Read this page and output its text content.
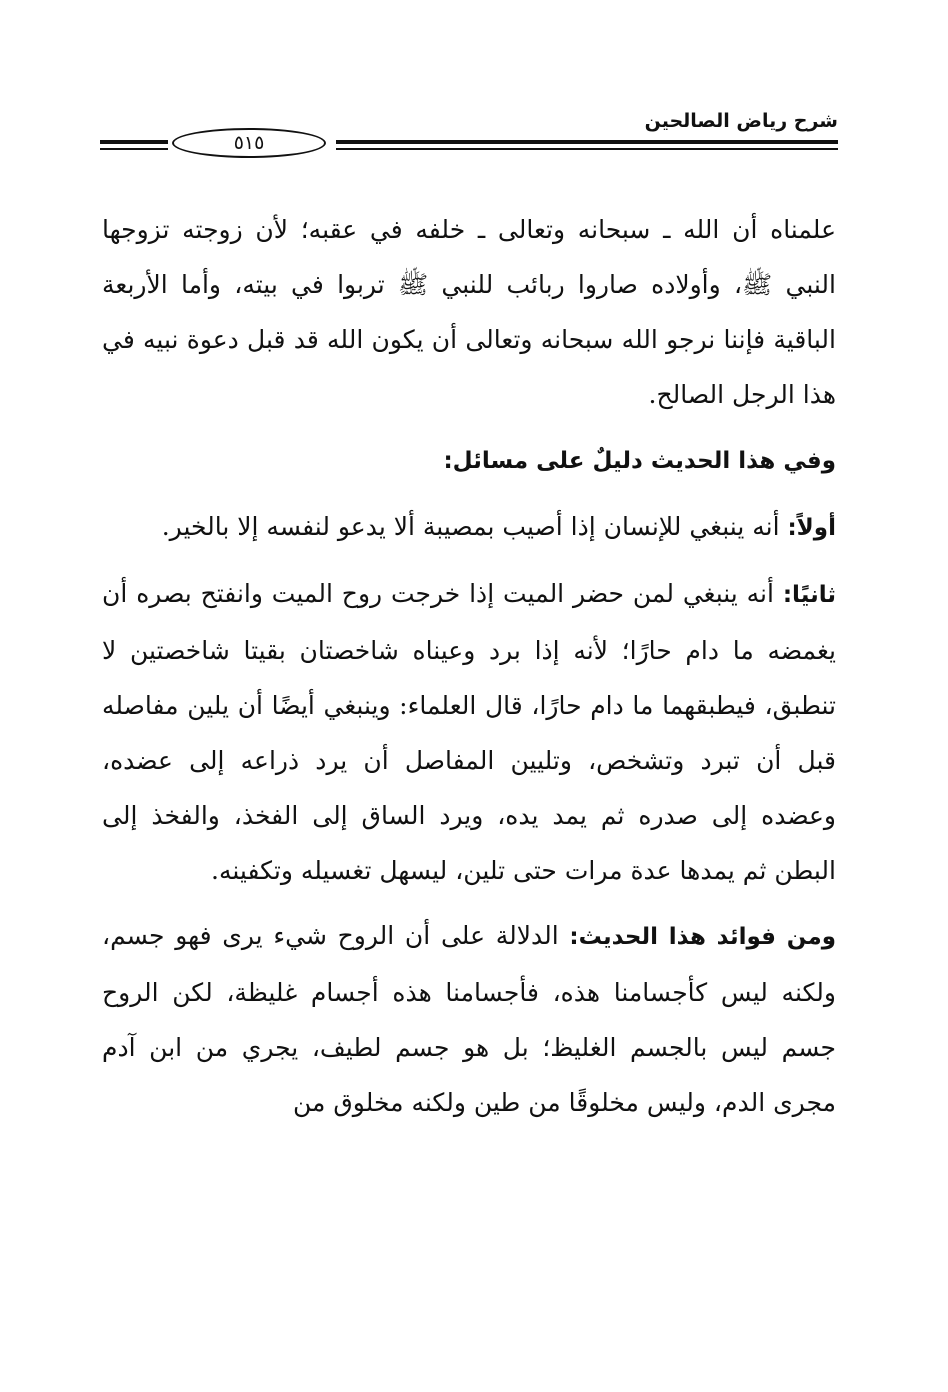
شرح رياض الصالحين
٥١٥

علمناه أن الله ـ سبحانه وتعالى ـ خلفه في عقبه؛ لأن زوجته تزوجها النبي ﷺ، وأولاده صاروا ربائب للنبي ﷺ تربوا في بيته، وأما الأربعة الباقية فإننا نرجو الله سبحانه وتعالى أن يكون الله قد قبل دعوة نبيه في هذا الرجل الصالح.

وفي هذا الحديث دليلٌ على مسائل:

أولاً: أنه ينبغي للإنسان إذا أصيب بمصيبة ألا يدعو لنفسه إلا بالخير.

ثانيًا: أنه ينبغي لمن حضر الميت إذا خرجت روح الميت وانفتح بصره أن يغمضه ما دام حارًا؛ لأنه إذا برد وعيناه شاخصتان بقيتا شاخصتين لا تنطبق، فيطبقهما ما دام حارًا، قال العلماء: وينبغي أيضًا أن يلين مفاصله قبل أن تبرد وتشخص، وتليين المفاصل أن يرد ذراعه إلى عضده، وعضده إلى صدره ثم يمد يده، ويرد الساق إلى الفخذ، والفخذ إلى البطن ثم يمدها عدة مرات حتى تلين، ليسهل تغسيله وتكفينه.

ومن فوائد هذا الحديث: الدلالة على أن الروح شيء يرى فهو جسم، ولكنه ليس كأجسامنا هذه، فأجسامنا هذه أجسام غليظة، لكن الروح جسم ليس بالجسم الغليظ؛ بل هو جسم لطيف، يجري من ابن آدم مجرى الدم، وليس مخلوقًا من طين ولكنه مخلوق من
